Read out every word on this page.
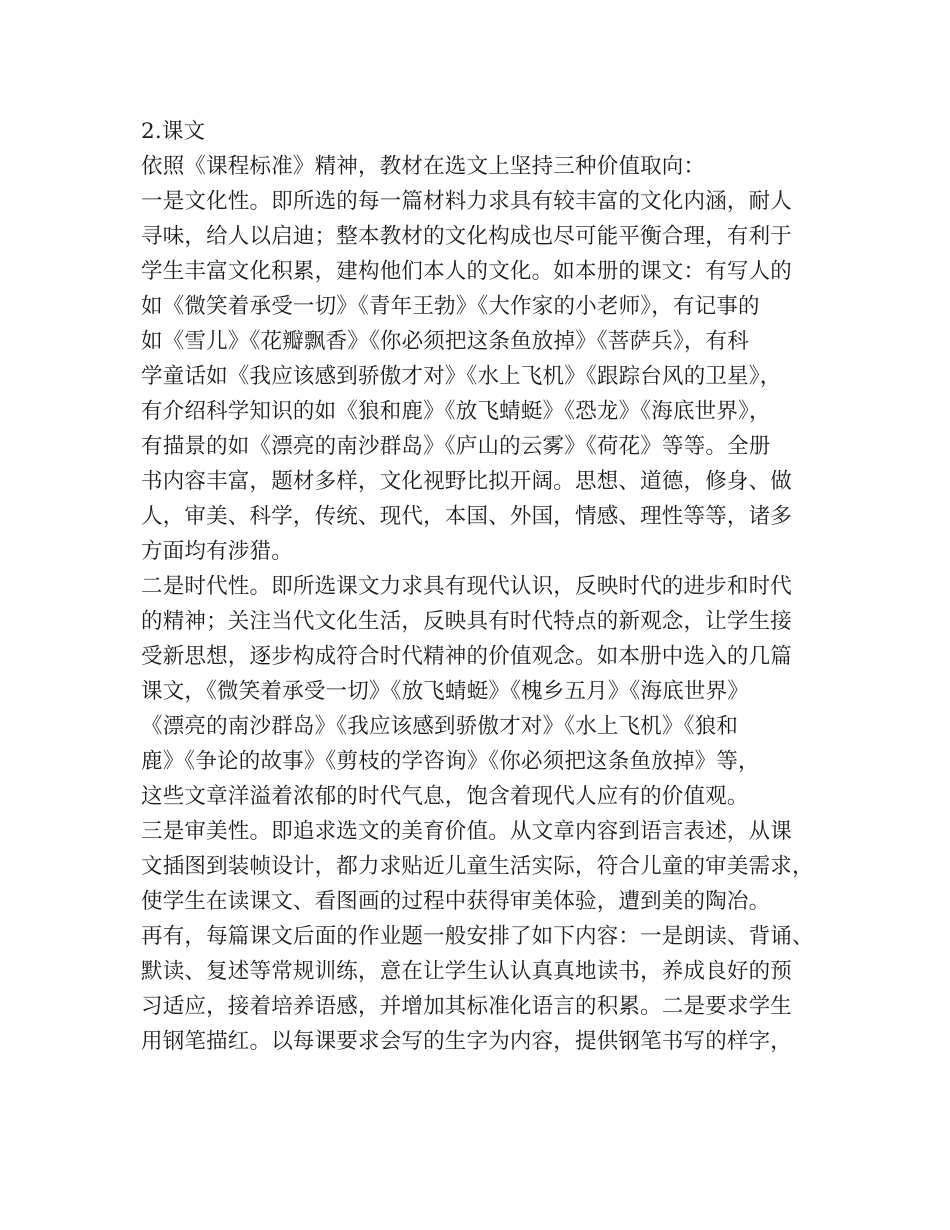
2.课文
依照《课程标准》精神，教材在选文上坚持三种价值取向：
一是文化性。即所选的每一篇材料力求具有较丰富的文化内涵，耐人
寻味，给人以启迪；整本教材的文化构成也尽可能平衡合理，有利于
学生丰富文化积累，建构他们本人的文化。如本册的课文：有写人的
如《微笑着承受一切》《青年王勃》《大作家的小老师》，有记事的
如《雪儿》《花瓣飘香》《你必须把这条鱼放掉》《菩萨兵》，有科
学童话如《我应该感到骄傲才对》《水上飞机》《跟踪台风的卫星》，
有介绍科学知识的如《狼和鹿》《放飞蜻蜓》《恐龙》《海底世界》，
有描景的如《漂亮的南沙群岛》《庐山的云雾》《荷花》等等。全册
书内容丰富，题材多样，文化视野比拟开阔。思想、道德，修身、做
人，审美、科学，传统、现代，本国、外国，情感、理性等等，诸多
方面均有涉猎。
二是时代性。即所选课文力求具有现代认识，反映时代的进步和时代
的精神；关注当代文化生活，反映具有时代特点的新观念，让学生接
受新思想，逐步构成符合时代精神的价值观念。如本册中选入的几篇
课文，《微笑着承受一切》《放飞蜻蜓》《槐乡五月》《海底世界》
《漂亮的南沙群岛》《我应该感到骄傲才对》《水上飞机》《狼和
鹿》《争论的故事》《剪枝的学咨询》《你必须把这条鱼放掉》等，
这些文章洋溢着浓郁的时代气息，饱含着现代人应有的价值观。
三是审美性。即追求选文的美育价值。从文章内容到语言表述，从课
文插图到装帧设计，都力求贴近儿童生活实际，符合儿童的审美需求，
使学生在读课文、看图画的过程中获得审美体验，遭到美的陶冶。
再有，每篇课文后面的作业题一般安排了如下内容：一是朗读、背诵、
默读、复述等常规训练，意在让学生认认真真地读书，养成良好的预
习适应，接着培养语感，并增加其标准化语言的积累。二是要求学生
用钢笔描红。以每课要求会写的生字为内容，提供钢笔书写的样字，
